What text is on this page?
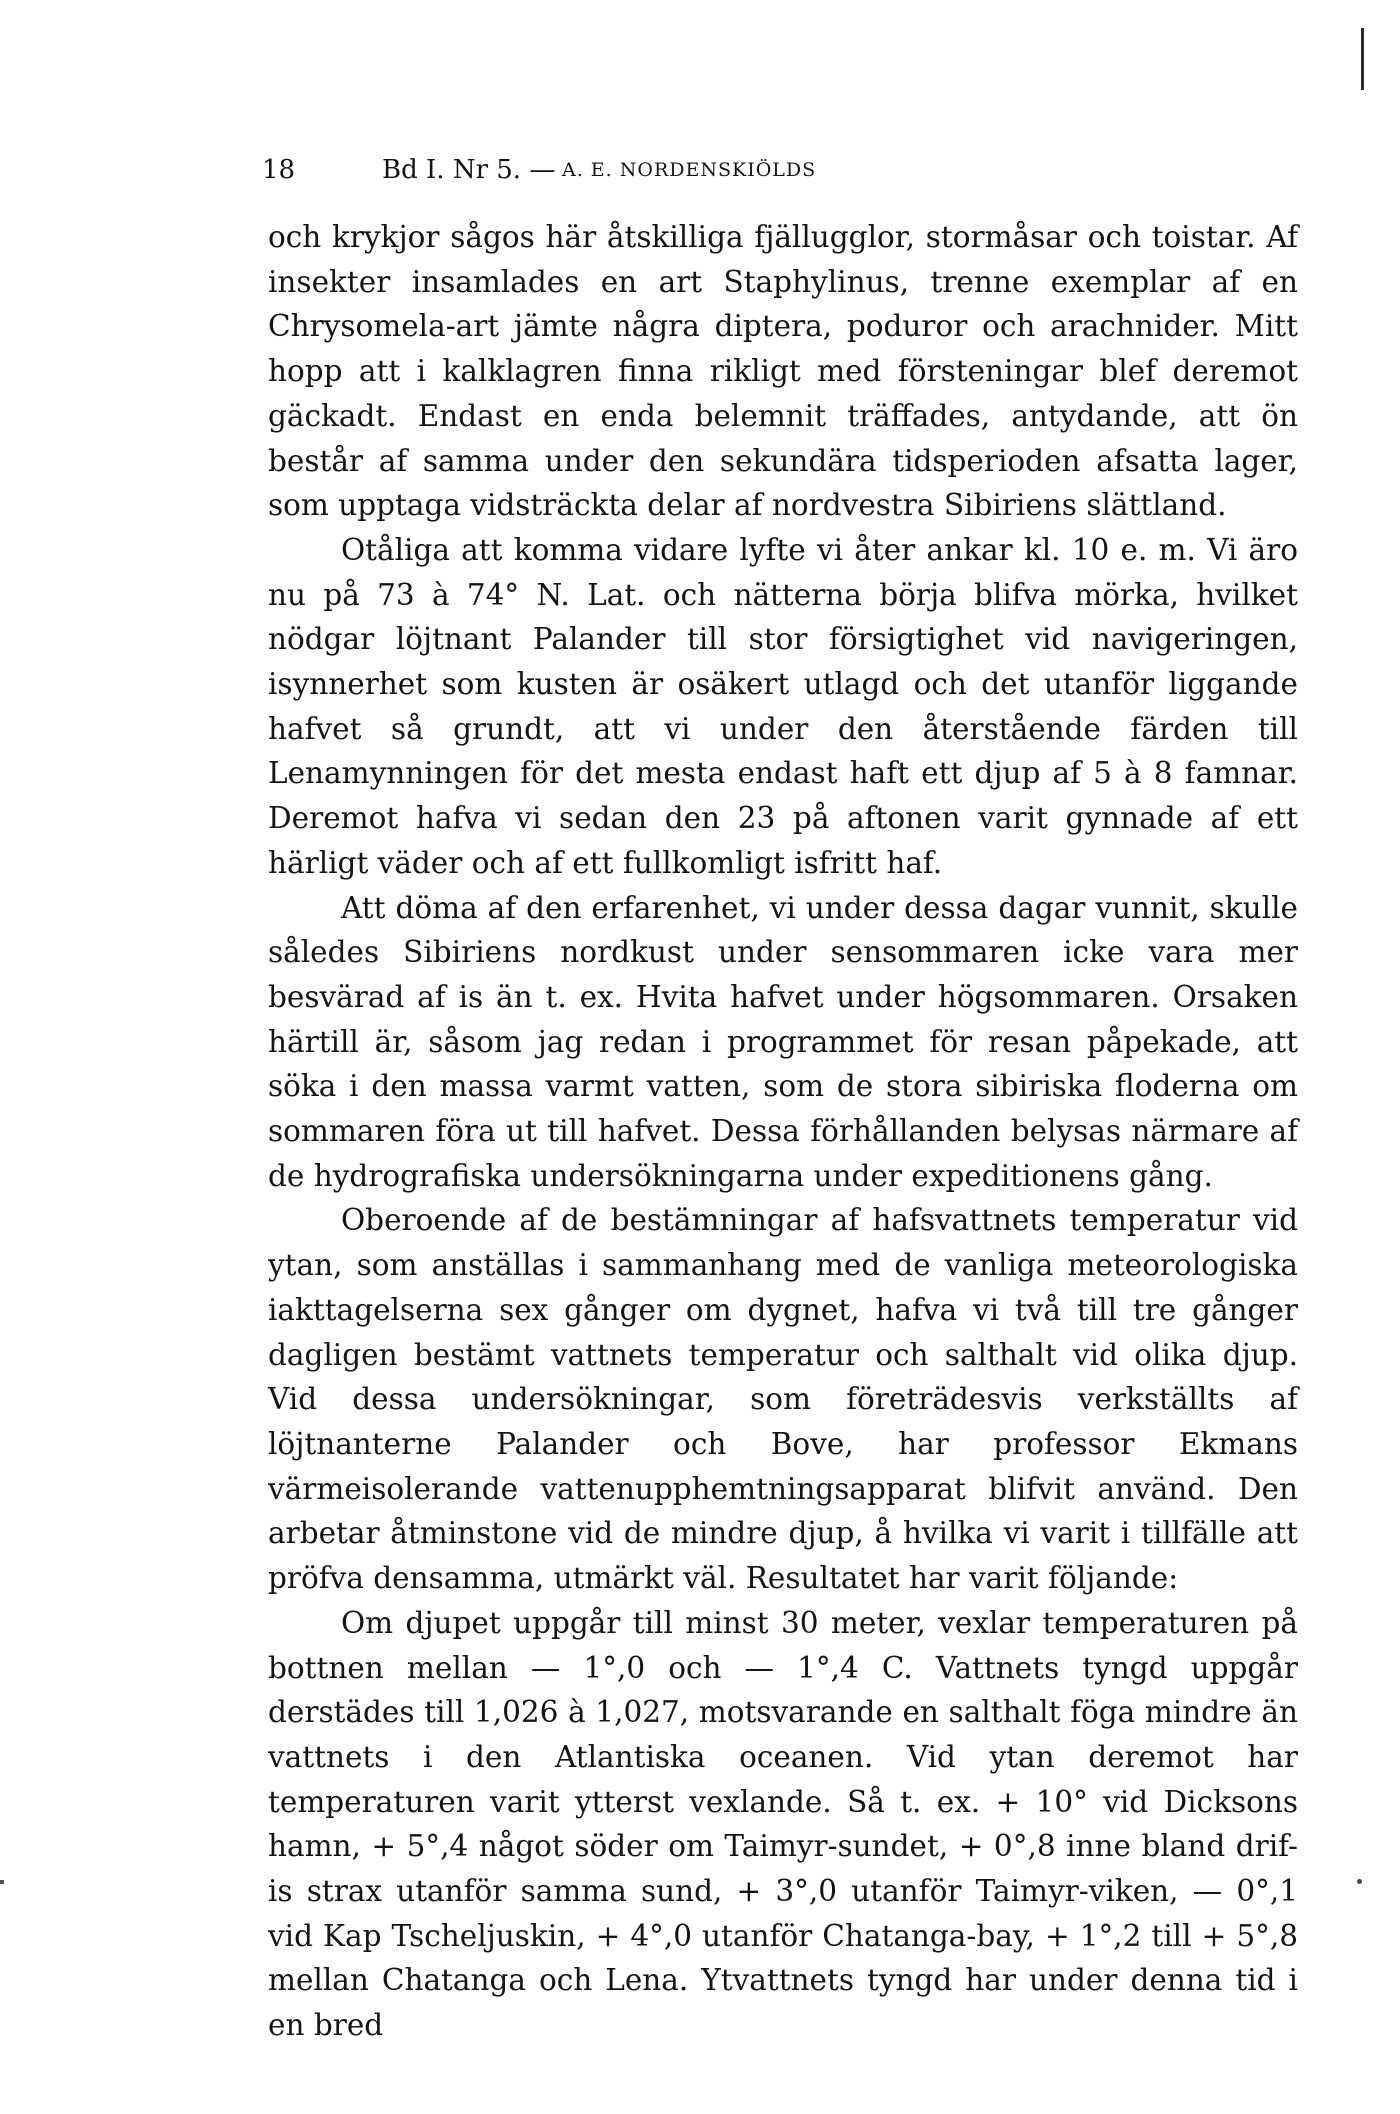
18	Bd I. Nr 5. — A. E. NORDENSKIÖLDS

och krykjor sågos här åtskilliga fjällugglor, stormåsar och toistar. Af insekter insamlades en art Staphylinus, trenne exemplar af en Chrysomela-art jämte några diptera, poduror och arachnider. Mitt hopp att i kalklagren finna rikligt med försteningar blef deremot gäckadt. Endast en enda belemnit träffades, antydande, att ön består af samma under den sekundära tidsperioden afsatta lager, som upptaga vidsträckta delar af nordvestra Sibiriens slättland.

Otåliga att komma vidare lyfte vi åter ankar kl. 10 e. m. Vi äro nu på 73 à 74° N. Lat. och nätterna börja blifva mörka, hvilket nödgar löjtnant Palander till stor försigtighet vid navigeringen, isynnerhet som kusten är osäkert utlagd och det utanför liggande hafvet så grundt, att vi under den återstående färden till Lenamynningen för det mesta endast haft ett djup af 5 à 8 famnar. Deremot hafva vi sedan den 23 på aftonen varit gynnade af ett härligt väder och af ett fullkomligt isfritt haf.

Att döma af den erfarenhet, vi under dessa dagar vunnit, skulle således Sibiriens nordkust under sensommaren icke vara mer besvärad af is än t. ex. Hvita hafvet under högsommaren. Orsaken härtill är, såsom jag redan i programmet för resan påpekade, att söka i den massa varmt vatten, som de stora sibiriska floderna om sommaren föra ut till hafvet. Dessa förhållanden belysas närmare af de hydrografiska undersökningarna under expeditionens gång.

Oberoende af de bestämningar af hafsvattnets temperatur vid ytan, som anställas i sammanhang med de vanliga meteorologiska iakttagelserna sex gånger om dygnet, hafva vi två till tre gånger dagligen bestämt vattnets temperatur och salthalt vid olika djup. Vid dessa undersökningar, som företrädesvis verkställts af löjtnanterne Palander och Bove, har professor Ekmans värmeisolerande vattenupphemtningsapparat blifvit använd. Den arbetar åtminstone vid de mindre djup, å hvilka vi varit i tillfälle att pröfva densamma, utmärkt väl. Resultatet har varit följande:

Om djupet uppgår till minst 30 meter, vexlar temperaturen på bottnen mellan — 1°,0 och — 1°,4 C. Vattnets tyngd uppgår derstädes till 1,026 à 1,027, motsvarande en salthalt föga mindre än vattnets i den Atlantiska oceanen. Vid ytan deremot har temperaturen varit ytterst vexlande. Så t. ex. + 10° vid Dicksons hamn, + 5°,4 något söder om Taimyr-sundet, + 0°,8 inne bland drif-is strax utanför samma sund, + 3°,0 utanför Taimyr-viken, — 0°,1 vid Kap Tscheljuskin, + 4°,0 utanför Chatanga-bay, + 1°,2 till + 5°,8 mellan Chatanga och Lena. Ytvattnets tyngd har under denna tid i en bred
